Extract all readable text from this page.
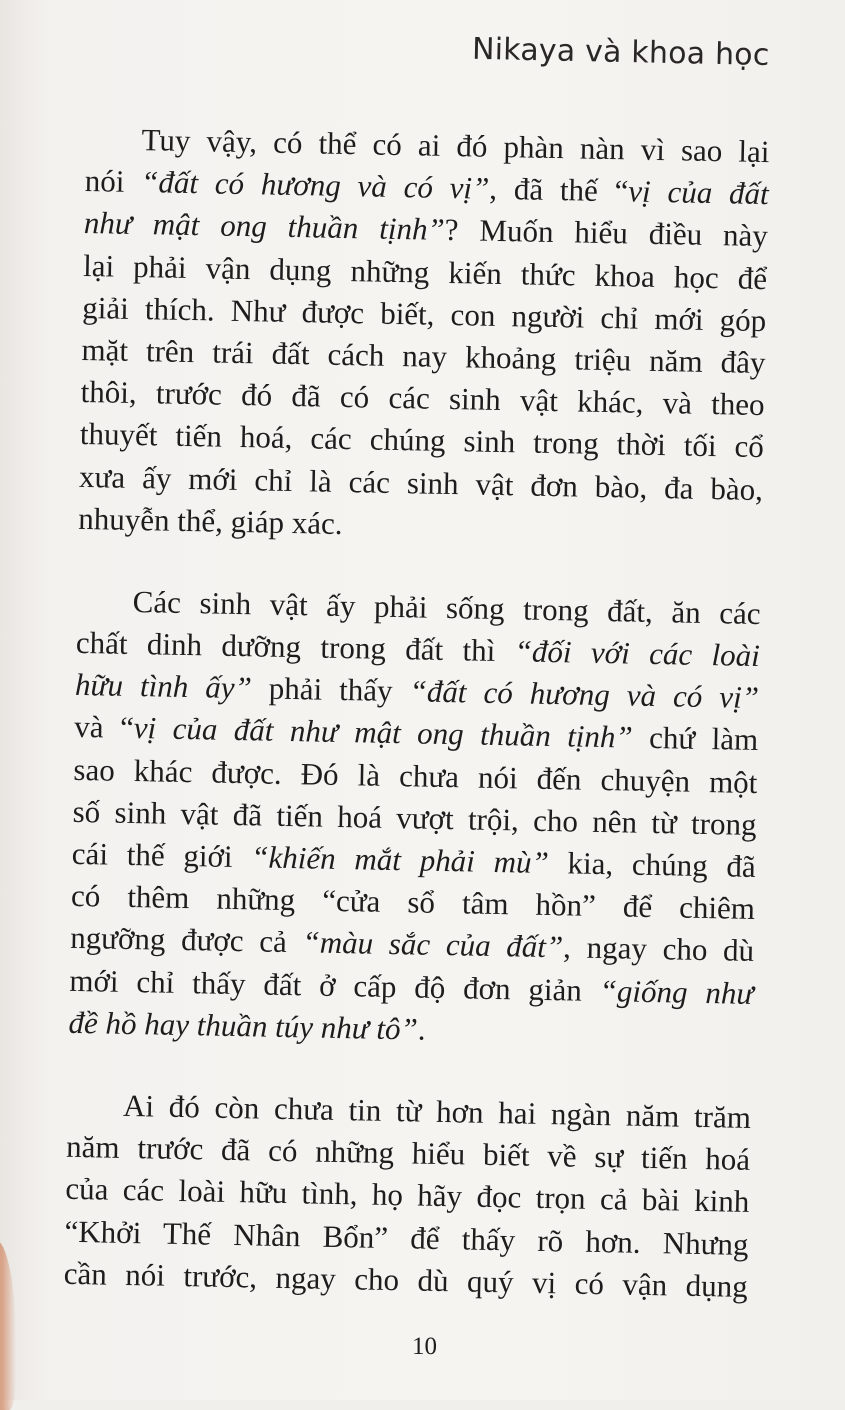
Nikaya và khoa học

Tuy vậy, có thể có ai đó phàn nàn vì sao lại
nói “đất có hương và có vị”, đã thế “vị của đất
như mật ong thuần tịnh”? Muốn hiểu điều này
lại phải vận dụng những kiến thức khoa học để
giải thích. Như được biết, con người chỉ mới góp
mặt trên trái đất cách nay khoảng triệu năm đây
thôi, trước đó đã có các sinh vật khác, và theo
thuyết tiến hoá, các chúng sinh trong thời tối cổ
xưa ấy mới chỉ là các sinh vật đơn bào, đa bào,
nhuyễn thể, giáp xác.

Các sinh vật ấy phải sống trong đất, ăn các
chất dinh dưỡng trong đất thì “đối với các loài
hữu tình ấy” phải thấy “đất có hương và có vị”
và “vị của đất như mật ong thuần tịnh” chứ làm
sao khác được. Đó là chưa nói đến chuyện một
số sinh vật đã tiến hoá vượt trội, cho nên từ trong
cái thế giới “khiến mắt phải mù” kia, chúng đã
có thêm những “cửa sổ tâm hồn” để chiêm
ngưỡng được cả “màu sắc của đất”, ngay cho dù
mới chỉ thấy đất ở cấp độ đơn giản “giống như
đề hồ hay thuần túy như tô”.

Ai đó còn chưa tin từ hơn hai ngàn năm trăm
năm trước đã có những hiểu biết về sự tiến hoá
của các loài hữu tình, họ hãy đọc trọn cả bài kinh
“Khởi Thế Nhân Bổn” để thấy rõ hơn. Nhưng
cần nói trước, ngay cho dù quý vị có vận dụng

10
